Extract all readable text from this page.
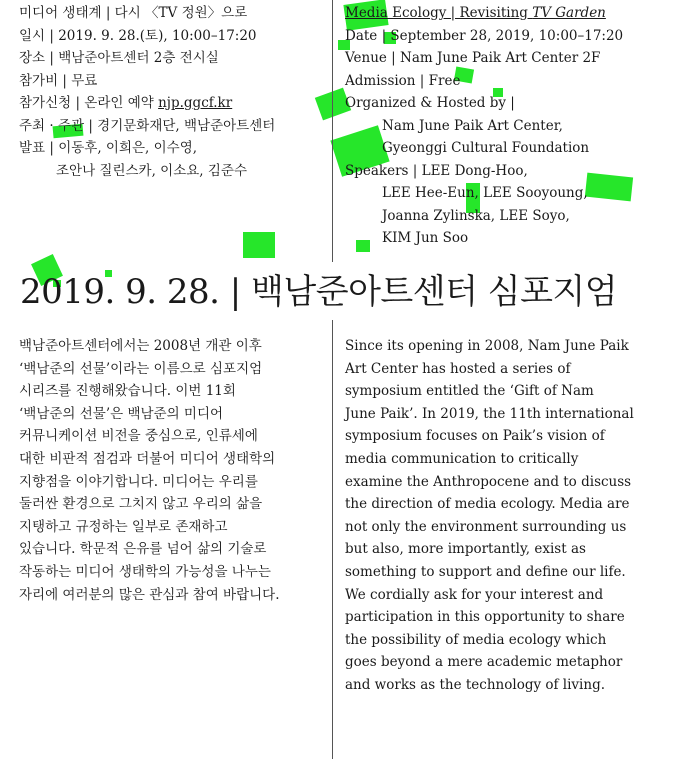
미디어 생태계 | 다시 〈TV 정원〉으로
일시 | 2019. 9. 28.(토), 10:00–17:20
장소 | 백남준아트센터 2층 전시실
참가비 | 무료
참가신청 | 온라인 예약 njp.ggcf.kr
주최 · 주관 | 경기문화재단, 백남준아트센터
발표 | 이동후, 이희은, 이수영,
조안나 질린스카, 이소요, 김준수
Media Ecology | Revisiting TV Garden
Date | September 28, 2019, 10:00–17:20
Venue | Nam June Paik Art Center 2F
Admission | Free
Organized & Hosted by |
Nam June Paik Art Center,
Gyeonggi Cultural Foundation
Speakers | LEE Dong-Hoo,
LEE Hee-Eun, LEE Sooyoung,
Joanna Zylinska, LEE Soyo,
KIM Jun Soo
2019. 9. 28. | 백남준아트센터 심포지엄
백남준아트센터에서는 2008년 개관 이후
‘백남준의 선물’이라는 이름으로 심포지엄
시리즈를 진행해왔습니다. 이번 11회
‘백남준의 선물’은 백남준의 미디어
커뮤니케이션 비전을 중심으로, 인류세에
대한 비판적 점검과 더불어 미디어 생태학의
지향점을 이야기합니다. 미디어는 우리를
둘러싼 환경으로 그치지 않고 우리의 삶을
지탱하고 규정하는 일부로 존재하고
있습니다. 학문적 은유를 넘어 삶의 기술로
작동하는 미디어 생태학의 가능성을 나누는
자리에 여러분의 많은 관심과 참여 바랍니다.
Since its opening in 2008, Nam June Paik
Art Center has hosted a series of
symposium entitled the ‘Gift of Nam
June Paik’. In 2019, the 11th international
symposium focuses on Paik’s vision of
media communication to critically
examine the Anthropocene and to discuss
the direction of media ecology. Media are
not only the environment surrounding us
but also, more importantly, exist as
something to support and define our life.
We cordially ask for your interest and
participation in this opportunity to share
the possibility of media ecology which
goes beyond a mere academic metaphor
and works as the technology of living.
